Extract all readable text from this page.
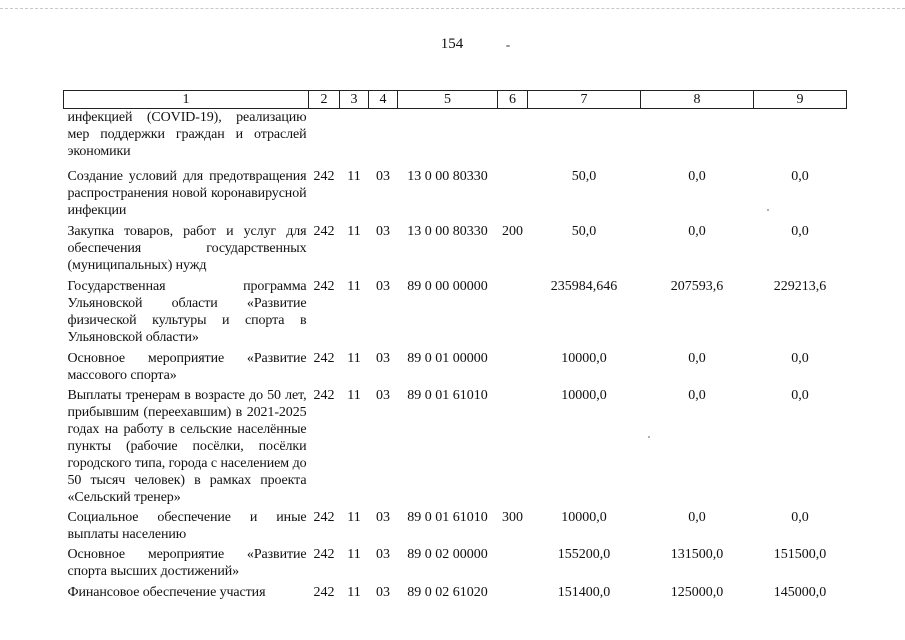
154
1	2	3	4	5	6	7	8	9
инфекцией (COVID-19), реализацию мер поддержки граждан и отраслей экономики								
Создание условий для предотвращения распространения новой коронавирусной инфекции	242	11	03	13 0 00 80330		50,0	0,0	0,0
Закупка товаров, работ и услуг для обеспечения государственных (муниципальных) нужд	242	11	03	13 0 00 80330	200	50,0	0,0	0,0
Государственная программа Ульяновской области «Развитие физической культуры и спорта в Ульяновской области»	242	11	03	89 0 00 00000		235984,646	207593,6	229213,6
Основное мероприятие «Развитие массового спорта»	242	11	03	89 0 01 00000		10000,0	0,0	0,0
Выплаты тренерам в возрасте до 50 лет, прибывшим (переехавшим) в 2021-2025 годах на работу в сельские населённые пункты (рабочие посёлки, посёлки городского типа, города с населением до 50 тысяч человек) в рамках проекта «Сельский тренер»	242	11	03	89 0 01 61010		10000,0	0,0	0,0
Социальное обеспечение и иные выплаты населению	242	11	03	89 0 01 61010	300	10000,0	0,0	0,0
Основное мероприятие «Развитие спорта высших достижений»	242	11	03	89 0 02 00000		155200,0	131500,0	151500,0
Финансовое обеспечение участия	242	11	03	89 0 02 61020		151400,0	125000,0	145000,0
